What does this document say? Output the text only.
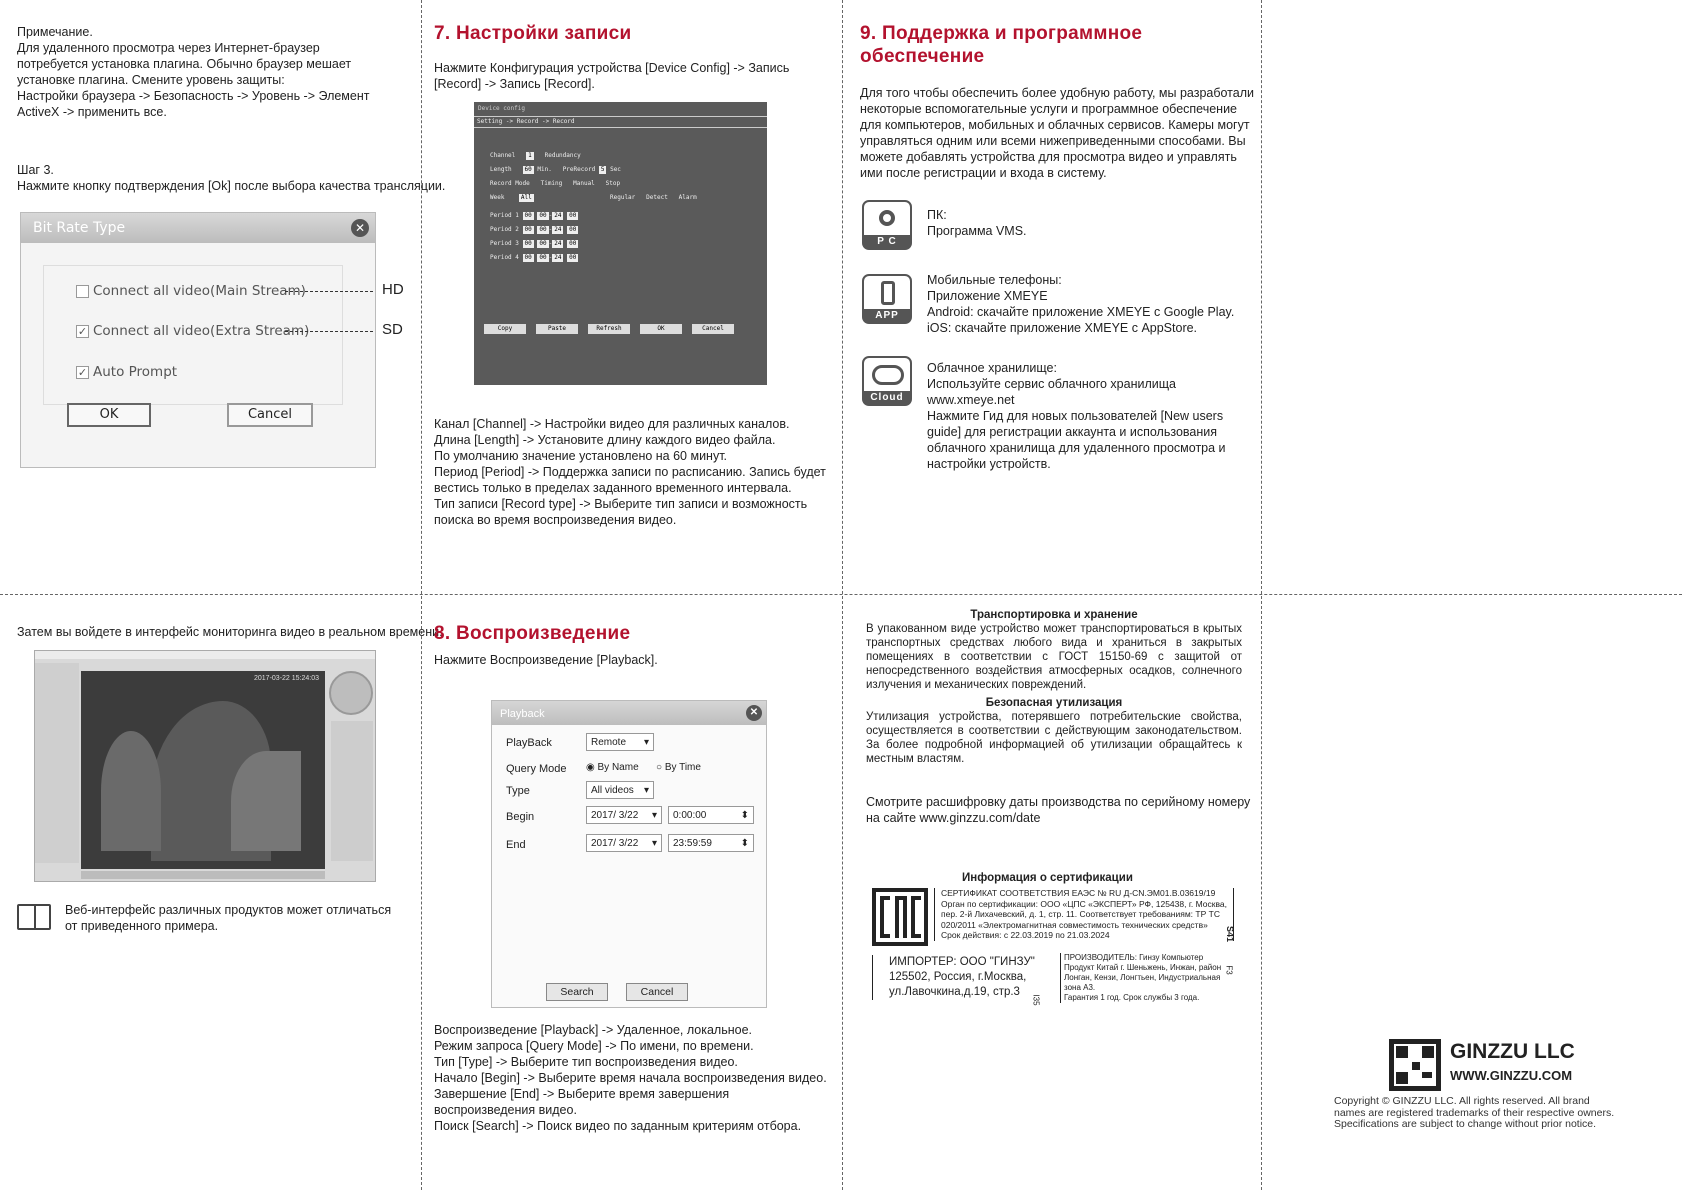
Примечание.
Для удаленного просмотра через Интернет-браузер
потребуется установка плагина. Обычно браузер мешает
установке плагина. Смените уровень защиты:
Настройки браузера -> Безопасность -> Уровень -> Элемент
ActiveX -> применить все.
Шаг 3.
Нажмите кнопку подтверждения [Ok] после выбора качества трансляции.
Bit Rate Type	✕
Connect all video(Main Stream)
✓ Connect all video(Extra Stream)
✓ Auto Prompt
OK	Cancel
HD
SD
Затем вы войдете в интерфейс мониторинга видео в реальном времени.
2017-03-22 15:24:03
Веб-интерфейс различных продуктов может отличаться
от приведенного примера.
7. Настройки записи
Нажмите Конфигурация устройства [Device Config] -> Запись
[Record] -> Запись [Record].
Device config
Setting -> Record -> Record
Channel 1 Redundancy
Length 60 Min. PreRecord 5 Sec
Record Mode Timing Manual Stop
Week	All	Regular Detect Alarm
Period 1 00 00 - 24 00
Period 2 00 00 - 24 00
Period 3 00 00 - 24 00
Period 4 00 00 - 24 00
Copy	Paste	Refresh	OK	Cancel
Канал [Channel] -> Настройки видео для различных каналов.
Длина [Length] -> Установите длину каждого видео файла.
По умолчанию значение установлено на 60 минут.
Период [Period] -> Поддержка записи по расписанию. Запись будет
вестись только в пределах заданного временного интервала.
Тип записи [Record type] -> Выберите тип записи и возможность
поиска во время воспроизведения видео.
8. Воспроизведение
Нажмите Воспроизведение [Playback].
Playback	✕
PlayBack	Remote ▾
Query Mode ◉ By Name ○ By Time
Type	All videos ▾
Begin	2017/ 3/22 ▾	0:00:00	⬍
End	2017/ 3/22 ▾	23:59:59	⬍
Search	Cancel
Воспроизведение [Playback] -> Удаленное, локальное.
Режим запроса [Query Mode] -> По имени, по времени.
Тип [Type] -> Выберите тип воспроизведения видео.
Начало [Begin] -> Выберите время начала воспроизведения видео.
Завершение [End] -> Выберите время завершения
воспроизведения видео.
Поиск [Search] -> Поиск видео по заданным критериям отбора.
9. Поддержка и программное
обеспечение
Для того чтобы обеспечить более удобную работу, мы разработали
некоторые вспомогательные услуги и программное обеспечение
для компьютеров, мобильных и облачных сервисов. Камеры могут
управляться одним или всеми нижеприведенными способами. Вы
можете добавлять устройства для просмотра видео и управлять
ими после регистрации и входа в систему.
P C
ПК:
Программа VMS.
APP
Мобильные телефоны:
Приложение XMEYE
Android: скачайте приложение XMEYE с Google Play.
iOS: скачайте приложение XMEYE с AppStore.
Cloud
Облачное хранилище:
Используйте сервис облачного хранилища
www.xmeye.net
Нажмите Гид для новых пользователей [New users
guide] для регистрации аккаунта и использования
облачного хранилища для удаленного просмотра и
настройки устройств.
Транспортировка и хранение
В упакованном виде устройство может транспортироваться в крытых транспортных средствах любого вида и храниться в закрытых помещениях в соответствии с ГОСТ 15150-69 с защитой от непосредственного воздействия атмосферных осадков, солнечного излучения и механических повреждений.
Безопасная утилизация
Утилизация устройства, потерявшего потребительские свойства, осуществляется в соответствии с действующим законодательством. За более подробной информацией об утилизации обращайтесь к местным властям.
Смотрите расшифровку даты производства по серийному номеру
на сайте www.ginzzu.com/date
Информация о сертификации
СЕРТИФИКАТ СООТВЕТСТВИЯ ЕАЭС № RU Д-CN.ЭМ01.В.03619/19
Орган по сертификации: ООО «ЦПС «ЭКСПЕРТ» РФ, 125438, г. Москва,
пер. 2-й Лихачевский, д. 1, стр. 11. Соответствует требованиям: ТР ТС
020/2011 «Электромагнитная совместимость технических средств»
Срок действия: с 22.03.2019 по 21.03.2024	S41
ИМПОРТЕР: ООО "ГИНЗУ"
125502, Россия, г.Москва,
ул.Лавочкина,д.19, стр.3
I35
ПРОИЗВОДИТЕЛЬ: Гинзу Компьютер
Продукт Китай г. Шеньжень, Инжан, район
Лонган, Кензи, Лонгтьен, Индустриальная
зона А3.
Гарантия 1 год. Срок службы 3 года.
F3
GINZZU LLC
WWW.GINZZU.COM
Copyright © GINZZU LLC. All rights reserved. All brand
names are registered trademarks of their respective owners.
Specifications are subject to change without prior notice.
